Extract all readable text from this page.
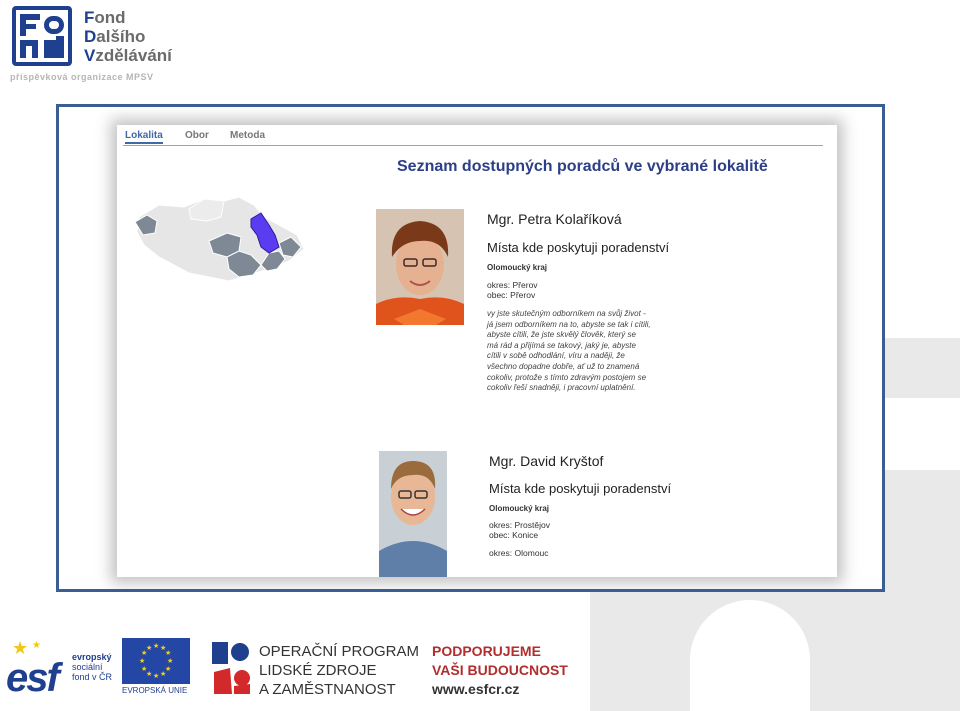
Fond
Dalšího
Vzdělávání
příspěvková organizace MPSV
Lokalita Obor Metoda
Seznam dostupných poradců ve vybrané lokalitě
Mgr. Petra Kolaříková
Místa kde poskytuji poradenství
Olomoucký kraj
okres: Přerov
obec: Přerov
vy jste skutečným odborníkem na svůj život -
já jsem odborníkem na to, abyste se tak i cítili,
abyste cítili, že jste skvělý člověk, který se
má rád a přijímá se takový, jaký je, abyste
cítili v sobě odhodlání, víru a naději, že
všechno dopadne dobře, ať už to znamená
cokoliv, protože s tímto zdravým postojem se
cokoliv řeší snadněji, i pracovní uplatnění.
Mgr. David Kryštof
Místa kde poskytuji poradenství
Olomoucký kraj
okres: Prostějov
obec: Konice
okres: Olomouc
★ ★
esf evropský
sociální
fond v ČR
★ ★
★
★
★
★
★
★
★
★
★
★
EVROPSKÁ UNIE
OPERAČNÍ PROGRAM
LIDSKÉ ZDROJE
A ZAMĚSTNANOST
PODPORUJEME
VAŠI BUDOUCNOST
www.esfcr.cz
